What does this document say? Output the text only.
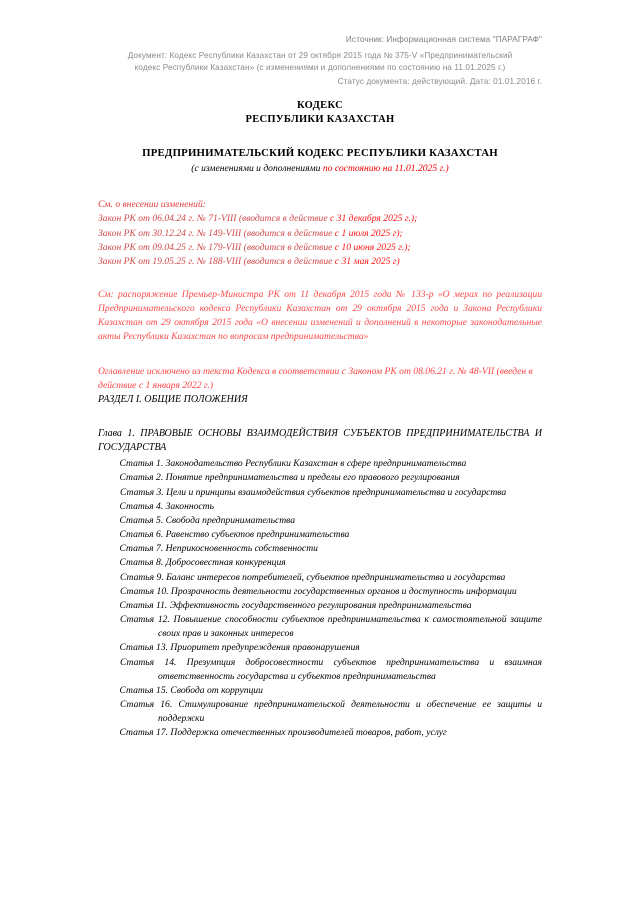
Источник: Информационная система "ПАРАГРАФ"
Документ: Кодекс Республики Казахстан от 29 октября 2015 года № 375-V «Предпринимательский
кодекс Республики Казахстан» (с изменениями и дополнениями по состоянию на 11.01.2025 г.)
Статус документа: действующий. Дата: 01.01.2016 г.
КОДЕКС
РЕСПУБЛИКИ КАЗАХСТАН
ПРЕДПРИНИМАТЕЛЬСКИЙ КОДЕКС РЕСПУБЛИКИ КАЗАХСТАН
(с изменениями и дополнениями по состоянию на 11.01.2025 г.)
См. о внесении изменений:
Закон РК от 06.04.24 г. № 71-VIII (вводится в действие с 31 декабря 2025 г.);
Закон РК от 30.12.24 г. № 149-VIII (вводится в действие с 1 июля 2025 г);
Закон РК от 09.04.25 г. № 179-VIII (вводится в действие с 10 июня 2025 г.);
Закон РК от 19.05.25 г. № 188-VIII (вводится в действие с 31 мая 2025 г)
См: распоряжение Премьер-Министра РК от 11 декабря 2015 года № 133-р «О мерах по реализации Предпринимательского кодекса Республики Казахстан от 29 октября 2015 года и Закона Республики Казахстан от 29 октября 2015 года «О внесении изменений и дополнений в некоторые законодательные акты Республики Казахстан по вопросам предпринимательства»
Оглавление исключено из текста Кодекса в соответствии с Законом РК от 08.06.21 г. № 48-VII (введен в действие с 1 января 2022 г.)
РАЗДЕЛ I. ОБЩИЕ ПОЛОЖЕНИЯ
Глава 1. ПРАВОВЫЕ ОСНОВЫ ВЗАИМОДЕЙСТВИЯ СУБЪЕКТОВ ПРЕДПРИНИМАТЕЛЬСТВА И ГОСУДАРСТВА
Статья 1. Законодательство Республики Казахстан в сфере предпринимательства
Статья 2. Понятие предпринимательства и пределы его правового регулирования
Статья 3. Цели и принципы взаимодействия субъектов предпринимательства и государства
Статья 4. Законность
Статья 5. Свобода предпринимательства
Статья 6. Равенство субъектов предпринимательства
Статья 7. Неприкосновенность собственности
Статья 8. Добросовестная конкуренция
Статья 9. Баланс интересов потребителей, субъектов предпринимательства и государства
Статья 10. Прозрачность деятельности государственных органов и доступность информации
Статья 11. Эффективность государственного регулирования предпринимательства
Статья 12. Повышение способности субъектов предпринимательства к самостоятельной защите своих прав и законных интересов
Статья 13. Приоритет предупреждения правонарушения
Статья 14. Презумпция добросовестности субъектов предпринимательства и взаимная ответственность государства и субъектов предпринимательства
Статья 15. Свобода от коррупции
Статья 16. Стимулирование предпринимательской деятельности и обеспечение ее защиты и поддержки
Статья 17. Поддержка отечественных производителей товаров, работ, услуг
